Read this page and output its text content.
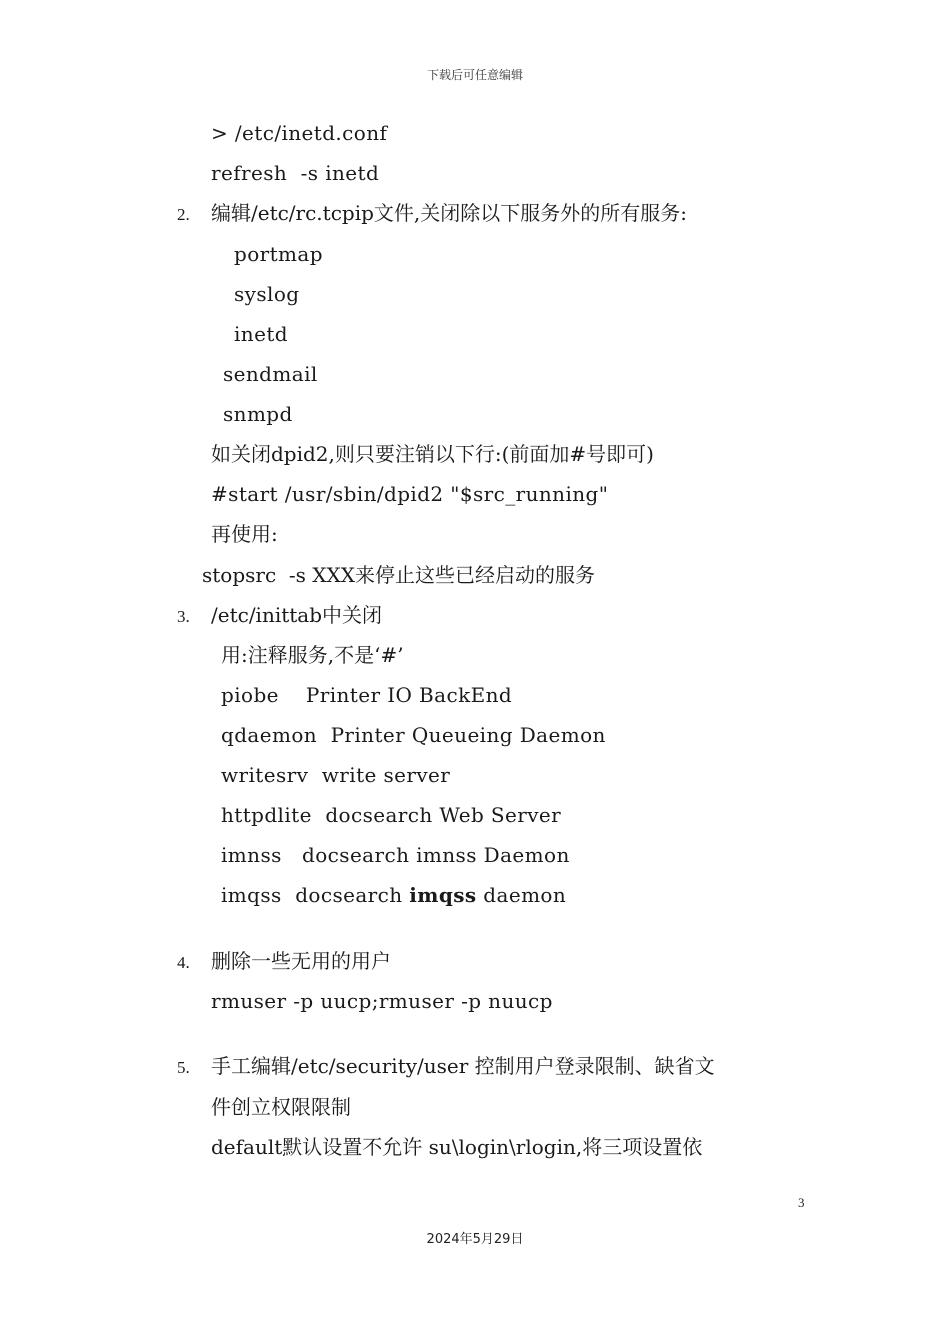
下载后可任意编辑

> /etc/inetd.conf

refresh  -s inetd

2. 编辑/etc/rc.tcpip文件,关闭除以下服务外的所有服务:

portmap

syslog

inetd

sendmail

snmpd

如关闭dpid2,则只要注销以下行:(前面加#号即可)

#start /usr/sbin/dpid2 "$src_running"

再使用:

stopsrc  -s XXX来停止这些已经启动的服务

3. /etc/inittab中关闭

用:注释服务,不是‘#’

piobe    Printer IO BackEnd

qdaemon  Printer Queueing Daemon

writesrv  write server

httpdlite  docsearch Web Server

imnss   docsearch imnss Daemon

imqss  docsearch imqss daemon

4. 删除一些无用的用户

rmuser -p uucp;rmuser -p nuucp

5. 手工编辑/etc/security/user 控制用户登录限制、缺省文

件创立权限限制

default默认设置不允许 su\login\rlogin,将三项设置依

3
2024年5月29日
